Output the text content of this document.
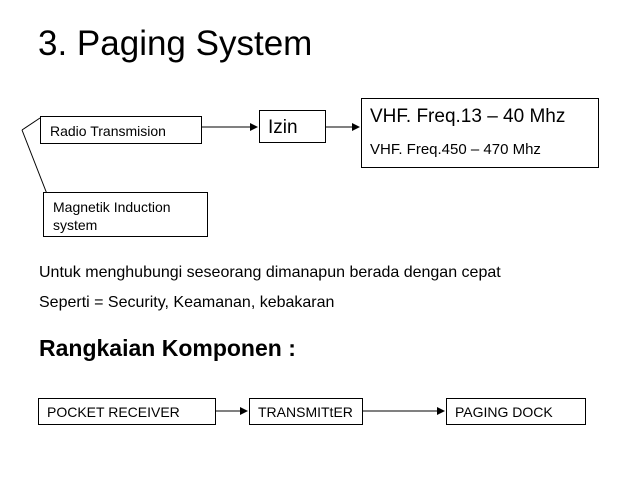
3. Paging System
Radio Transmision
Magnetik Induction system
Izin
VHF. Freq.13 – 40 Mhz
VHF. Freq.450 – 470 Mhz
Untuk menghubungi seseorang dimanapun berada dengan cepat
Seperti = Security, Keamanan, kebakaran
Rangkaian Komponen :
POCKET RECEIVER	TRANSMITtER	PAGING DOCK
